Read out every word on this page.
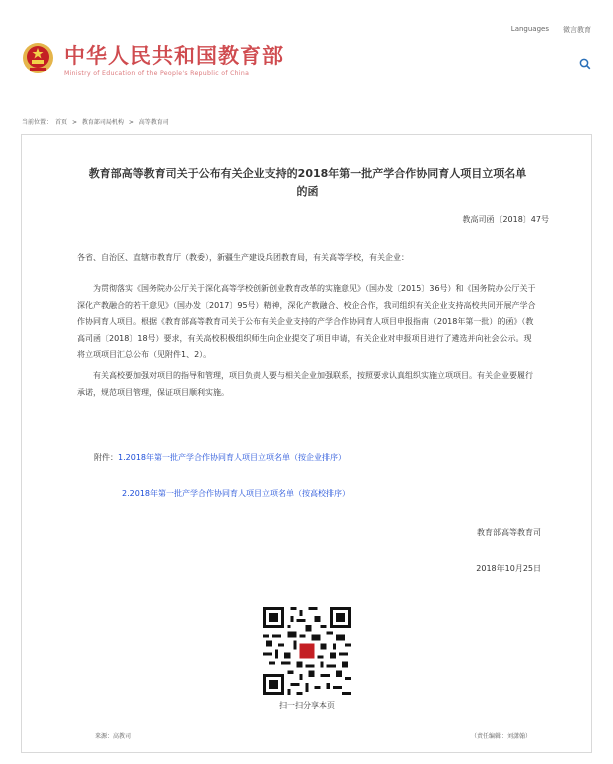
Languages 微言教育
中华人民共和国教育部
Ministry of Education of the People's Republic of China
当前位置： 首页 > 教育部司局机构 > 高等教育司
教育部高等教育司关于公布有关企业支持的2018年第一批产学合作协同育人项目立项名单
的函
教高司函〔2018〕47号
各省、自治区、直辖市教育厅（教委），新疆生产建设兵团教育局，有关高等学校，有关企业：
为贯彻落实《国务院办公厅关于深化高等学校创新创业教育改革的实施意见》（国办发〔2015〕36号）和《国务院办公厅关于深化产教融合的若干意见》（国办发〔2017〕95号）精神，深化产教融合、校企合作，我司组织有关企业支持高校共同开展产学合作协同育人项目。根据《教育部高等教育司关于公布有关企业支持的产学合作协同育人项目申报指南（2018年第一批）的函》（教高司函〔2018〕18号）要求，有关高校积极组织师生向企业提交了项目申请，有关企业对申报项目进行了遴选并向社会公示。现将立项项目汇总公布（见附件1、2）。
有关高校要加强对项目的指导和管理，项目负责人要与相关企业加强联系，按照要求认真组织实施立项项目。有关企业要履行承诺，规范项目管理，保证项目顺利实施。
附件：1.2018年第一批产学合作协同育人项目立项名单（按企业排序）
2.2018年第一批产学合作协同育人项目立项名单（按高校排序）
教育部高等教育司
2018年10月25日
扫一扫分享本页
来源：高教司	（责任编辑：刘潇翰）
